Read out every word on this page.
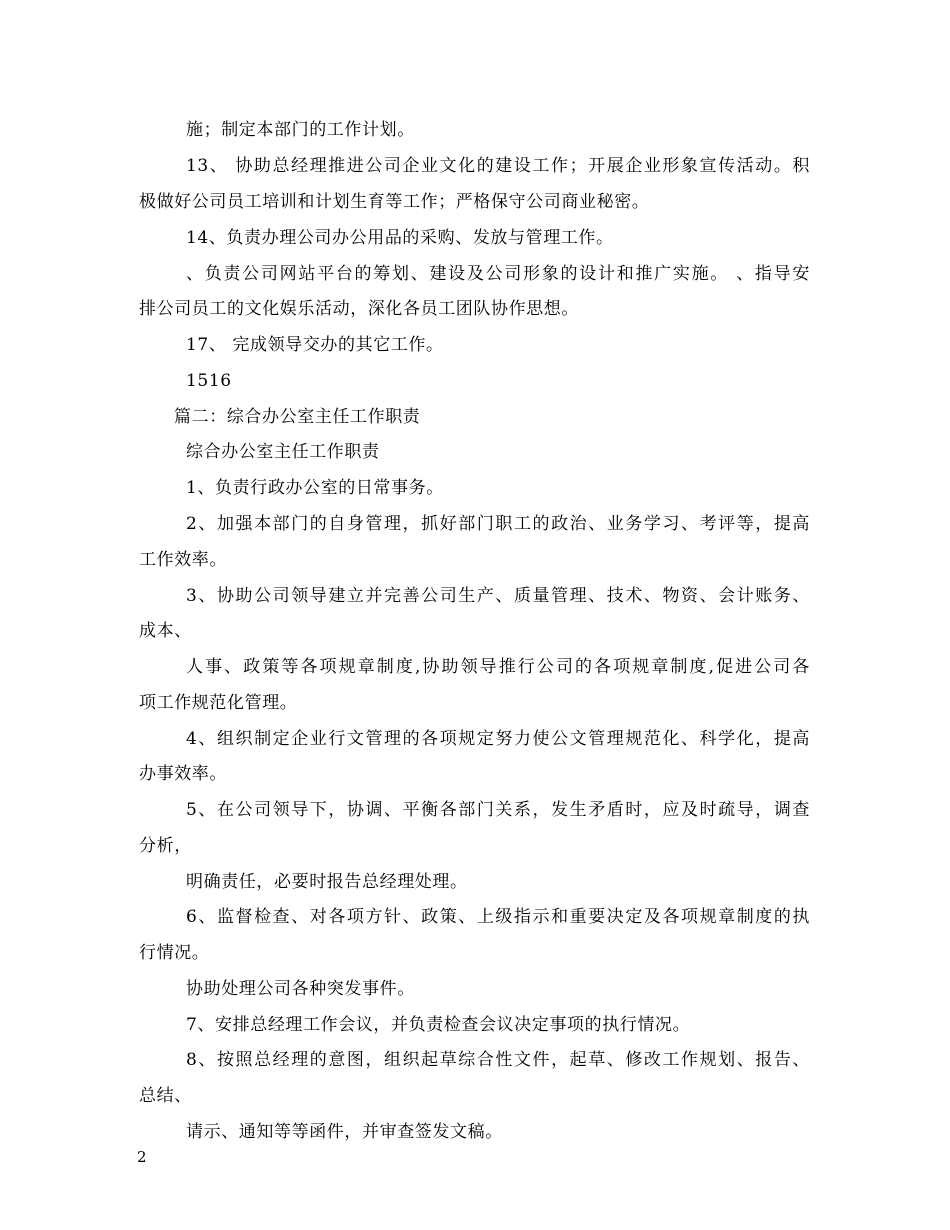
施；制定本部门的工作计划。
13、 协助总经理推进公司企业文化的建设工作；开展企业形象宣传活动。积
极做好公司员工培训和计划生育等工作；严格保守公司商业秘密。
14、负责办理公司办公用品的采购、发放与管理工作。
、负责公司网站平台的筹划、建设及公司形象的设计和推广实施。 、指导安
排公司员工的文化娱乐活动，深化各员工团队协作思想。
17、 完成领导交办的其它工作。
1516
篇二：综合办公室主任工作职责
综合办公室主任工作职责
1、负责行政办公室的日常事务。
2、加强本部门的自身管理，抓好部门职工的政治、业务学习、考评等，提高
工作效率。
3、协助公司领导建立并完善公司生产、质量管理、技术、物资、会计账务、
成本、
人事、政策等各项规章制度,协助领导推行公司的各项规章制度,促进公司各
项工作规范化管理。
4、组织制定企业行文管理的各项规定努力使公文管理规范化、科学化，提高
办事效率。
5、在公司领导下，协调、平衡各部门关系，发生矛盾时，应及时疏导，调查
分析，
明确责任，必要时报告总经理处理。
6、监督检查、对各项方针、政策、上级指示和重要决定及各项规章制度的执
行情况。
协助处理公司各种突发事件。
7、安排总经理工作会议，并负责检查会议决定事项的执行情况。
8、按照总经理的意图，组织起草综合性文件，起草、修改工作规划、报告、
总结、
请示、通知等等函件，并审查签发文稿。
2
